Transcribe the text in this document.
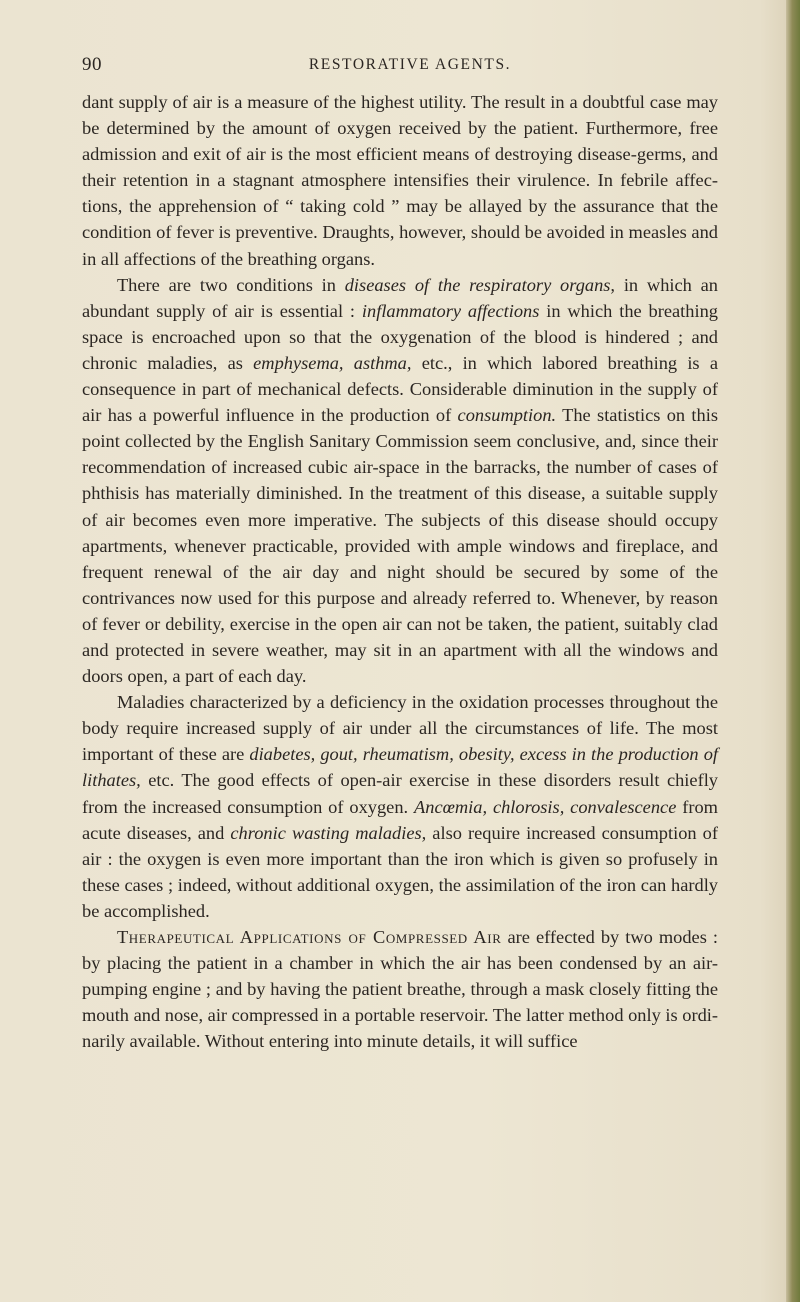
90	RESTORATIVE AGENTS.

dant supply of air is a measure of the highest utility. The result in a doubtful case may be determined by the amount of oxygen received by the patient. Furthermore, free admission and exit of air is the most efficient means of destroying disease-germs, and their retention in a stagnant atmosphere intensifies their virulence. In febrile affections, the apprehension of “ taking cold ” may be allayed by the assurance that the condition of fever is preventive. Draughts, however, should be avoided in measles and in all affections of the breathing organs.

There are two conditions in diseases of the respiratory organs, in which an abundant supply of air is essential : inflammatory affections in which the breathing space is encroached upon so that the oxygenation of the blood is hindered ; and chronic maladies, as emphysema, asthma, etc., in which labored breathing is a consequence in part of mechanical defects. Considerable diminution in the supply of air has a powerful influence in the production of consumption. The statistics on this point collected by the English Sanitary Commission seem conclusive, and, since their recommendation of increased cubic air-space in the barracks, the number of cases of phthisis has materially diminished. In the treatment of this disease, a suitable supply of air becomes even more imperative. The subjects of this disease should occupy apartments, whenever practicable, provided with ample windows and fireplace, and frequent renewal of the air day and night should be secured by some of the contrivances now used for this purpose and already referred to. Whenever, by reason of fever or debility, exercise in the open air can not be taken, the patient, suitably clad and protected in severe weather, may sit in an apartment with all the windows and doors open, a part of each day.

Maladies characterized by a deficiency in the oxidation processes throughout the body require increased supply of air under all the circumstances of life. The most important of these are diabetes, gout, rheumatism, obesity, excess in the production of lithates, etc. The good effects of open-air exercise in these disorders result chiefly from the increased consumption of oxygen. Ancœmia, chlorosis, convalescence from acute diseases, and chronic wasting maladies, also require increased consumption of air : the oxygen is even more important than the iron which is given so profusely in these cases ; indeed, without additional oxygen, the assimilation of the iron can hardly be accomplished.

Therapeutical Applications of Compressed Air are effected by two modes : by placing the patient in a chamber in which the air has been condensed by an air-pumping engine ; and by having the patient breathe, through a mask closely fitting the mouth and nose, air compressed in a portable reservoir. The latter method only is ordinarily available. Without entering into minute details, it will suffice
